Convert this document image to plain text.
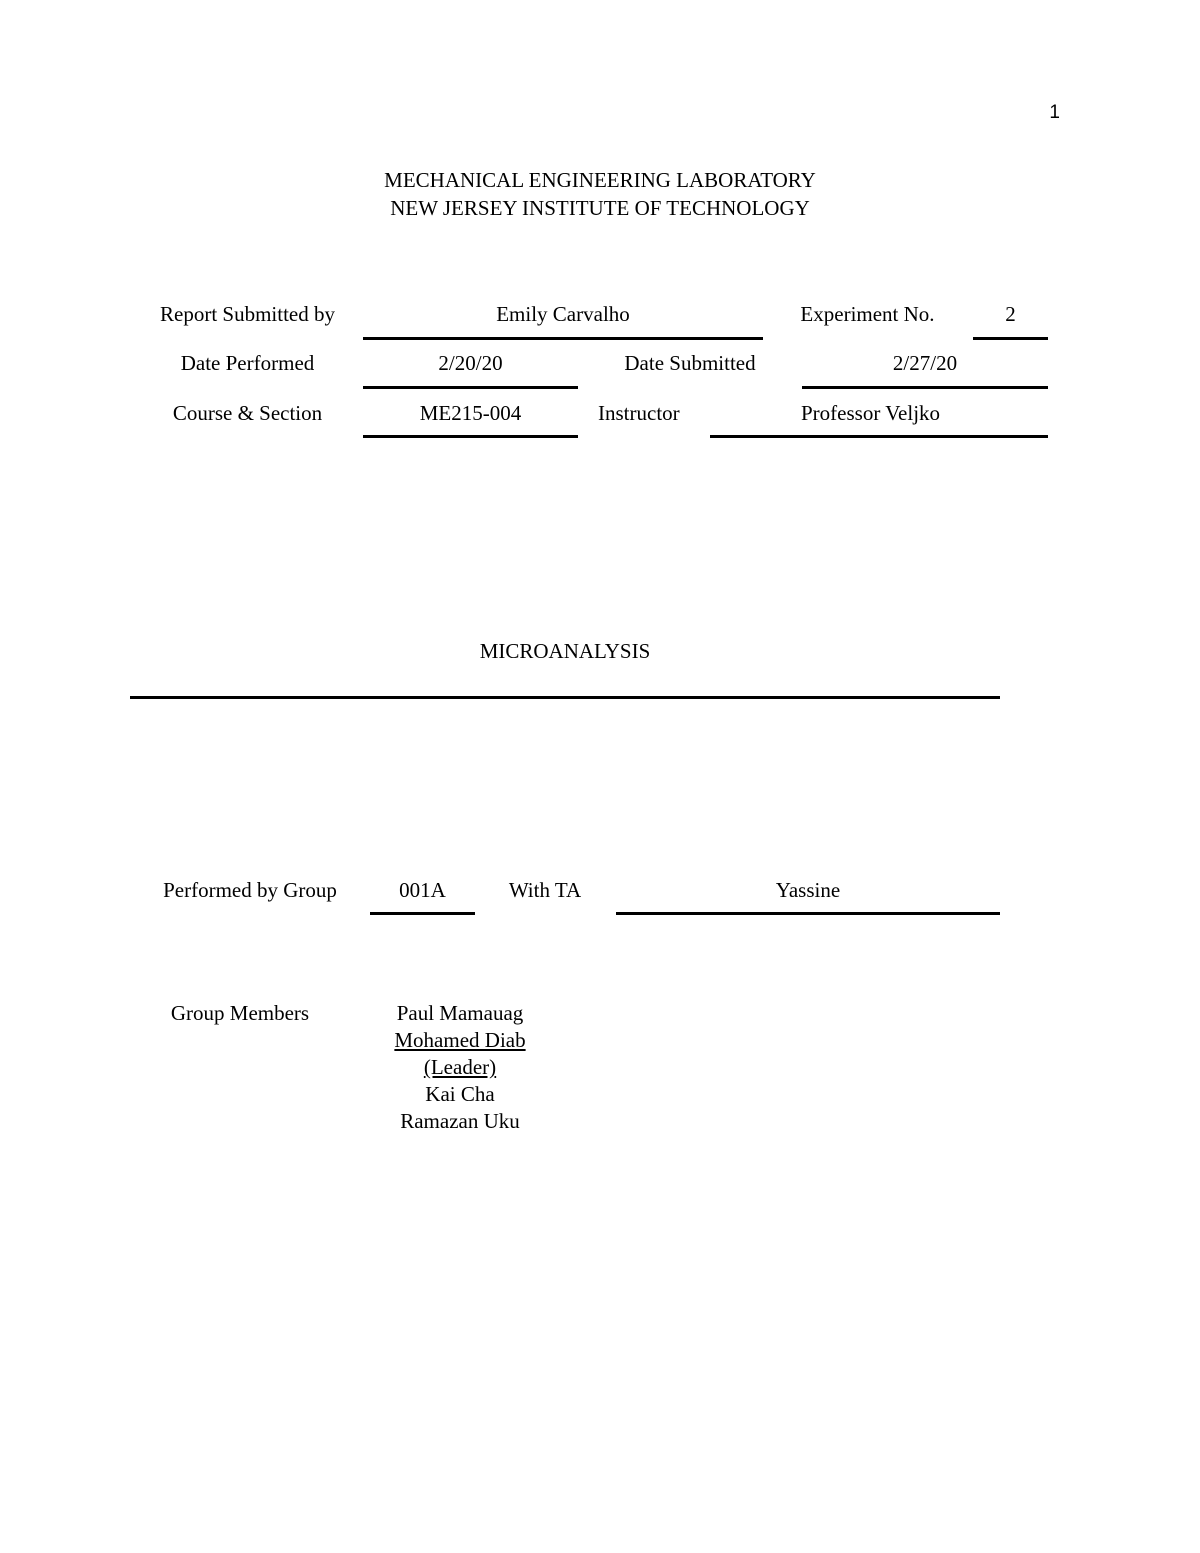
1
MECHANICAL ENGINEERING LABORATORY
NEW JERSEY INSTITUTE OF TECHNOLOGY
Report Submitted by	Emily Carvalho	Experiment No.	2
Date Performed	2/20/20	Date Submitted	2/27/20
Course & Section	ME215-004	Instructor	Professor Veljko
MICROANALYSIS
Performed by Group	001A	With TA	Yassine
Group Members	Paul Mamauag
Mohamed Diab
(Leader)
Kai Cha
Ramazan Uku
